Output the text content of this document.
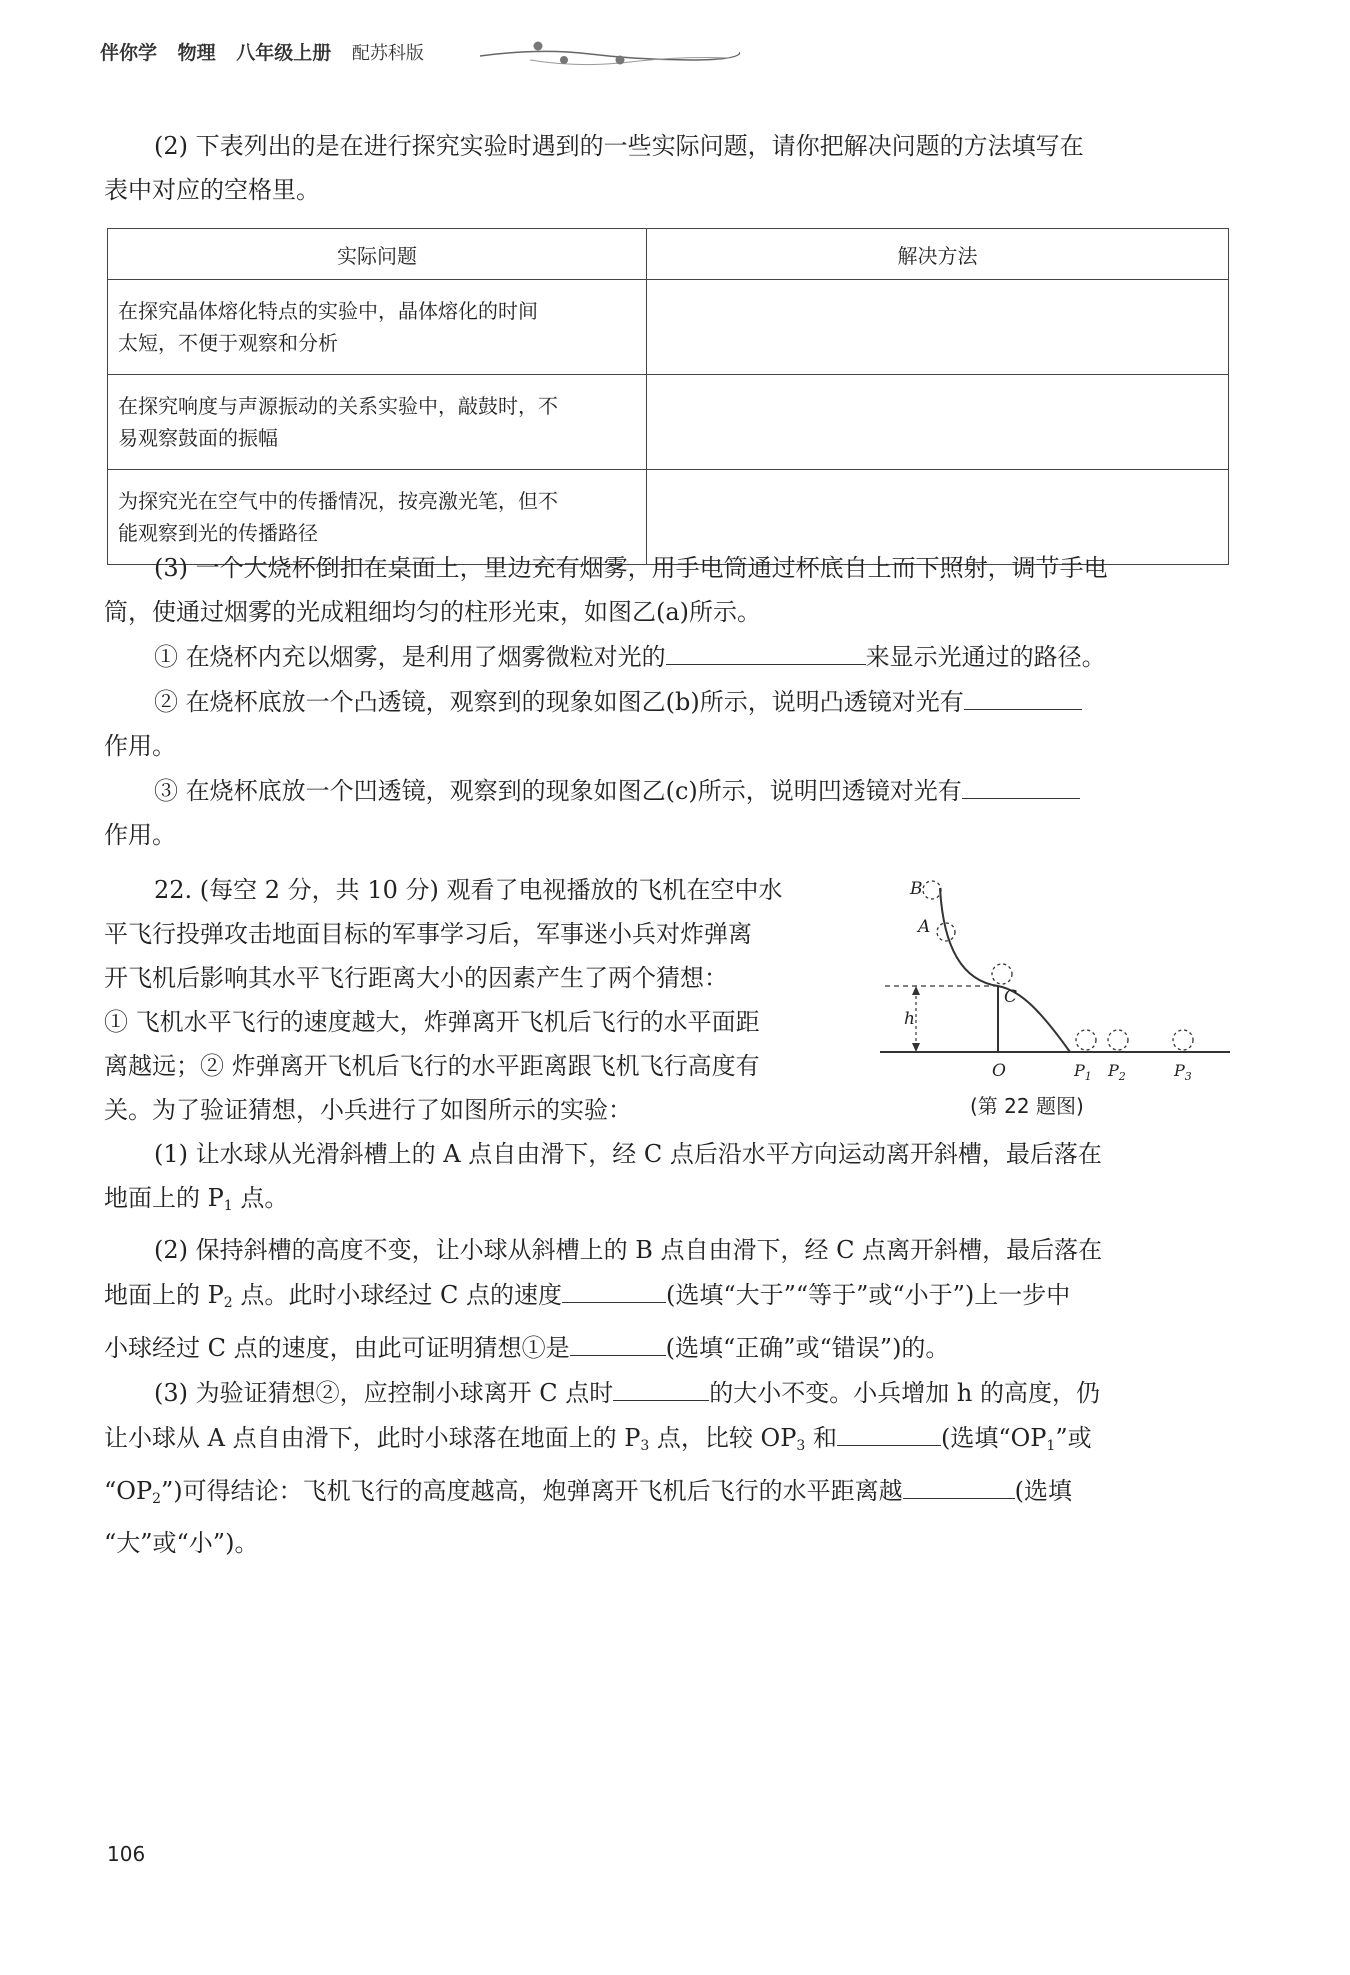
伴你学 物理 八年级上册 配苏科版
(2) 下表列出的是在进行探究实验时遇到的一些实际问题，请你把解决问题的方法填写在
表中对应的空格里。
实际问题	解决方法

在探究晶体熔化特点的实验中，晶体熔化的时间
太短，不便于观察和分析	

在探究响度与声源振动的关系实验中，敲鼓时，不
易观察鼓面的振幅	

为探究光在空气中的传播情况，按亮激光笔，但不
能观察到光的传播路径	

(3) 一个大烧杯倒扣在桌面上，里边充有烟雾，用手电筒通过杯底自上而下照射，调节手电
筒，使通过烟雾的光成粗细均匀的柱形光束，如图乙(a)所示。
① 在烧杯内充以烟雾，是利用了烟雾微粒对光的	来显示光通过的路径。
② 在烧杯底放一个凸透镜，观察到的现象如图乙(b)所示，说明凸透镜对光有
作用。
③ 在烧杯底放一个凹透镜，观察到的现象如图乙(c)所示，说明凹透镜对光有
作用。
22. (每空 2 分，共 10 分) 观看了电视播放的飞机在空中水
平飞行投弹攻击地面目标的军事学习后，军事迷小兵对炸弹离
开飞机后影响其水平飞行距离大小的因素产生了两个猜想：
① 飞机水平飞行的速度越大，炸弹离开飞机后飞行的水平面距
离越远；② 炸弹离开飞机后飞行的水平距离跟飞机飞行高度有
关。为了验证猜想，小兵进行了如图所示的实验：
B
A
C
h
O	$P_1$ $P_2$	$P_3$
(第 22 题图)
(1) 让水球从光滑斜槽上的 A 点自由滑下，经 C 点后沿水平方向运动离开斜槽，最后落在
地面上的 $P_1$ 点。
(2) 保持斜槽的高度不变，让小球从斜槽上的 B 点自由滑下，经 C 点离开斜槽，最后落在
地面上的 $P_2$ 点。此时小球经过 C 点的速度	(选填“大于”“等于”或“小于”)上一步中
小球经过 C 点的速度，由此可证明猜想①是	(选填“正确”或“错误”)的。
(3) 为验证猜想②，应控制小球离开 C 点时	的大小不变。小兵增加 h 的高度，仍
让小球从 A 点自由滑下，此时小球落在地面上的 $P_3$ 点，比较 $OP_3$ 和	(选填“$OP_1$”或
“$OP_2$”)可得结论：飞机飞行的高度越高，炮弹离开飞机后飞行的水平距离越	(选填
“大”或“小”)。
106
